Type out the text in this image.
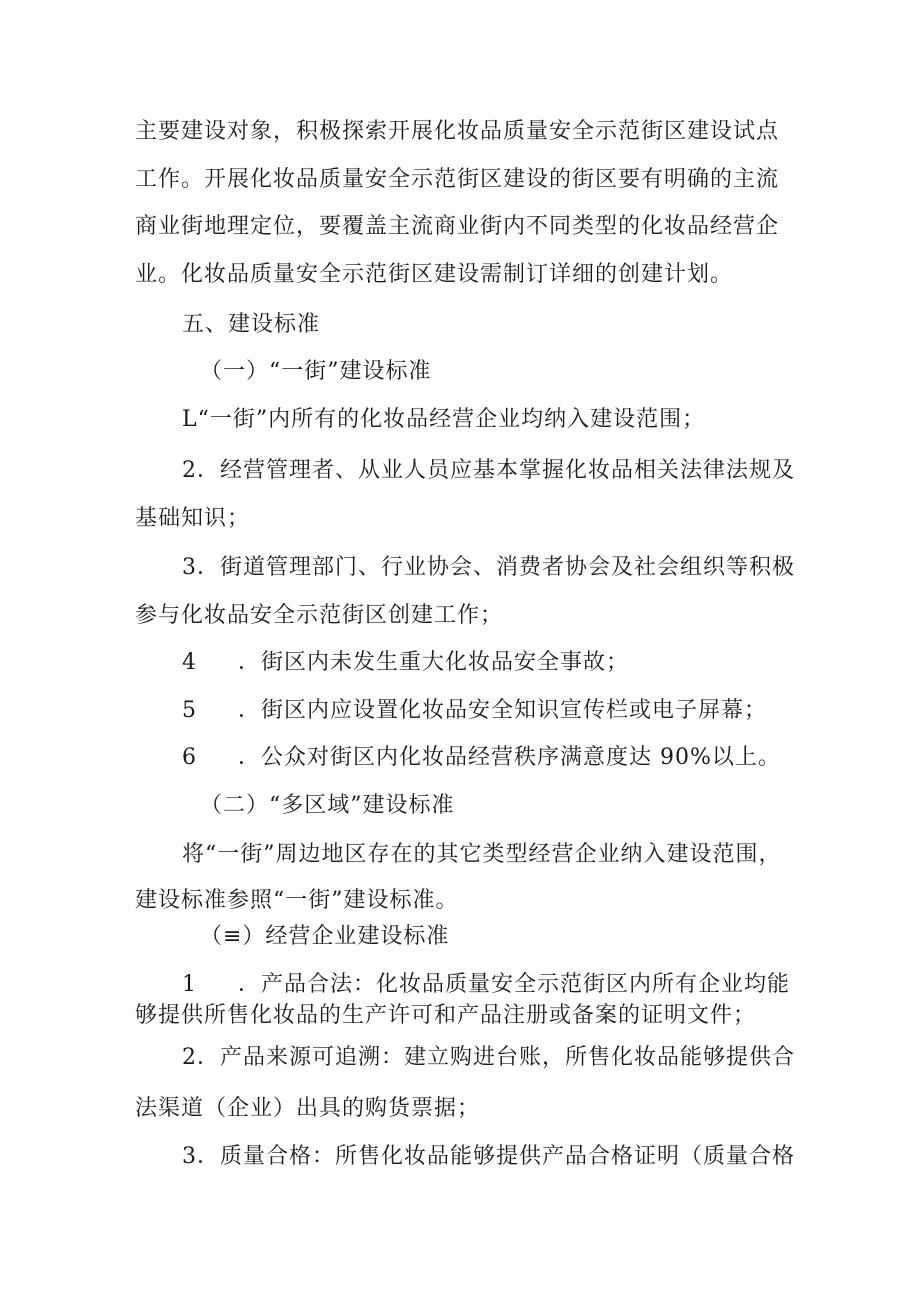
主要建设对象，积极探索开展化妆品质量安全示范街区建设试点
工作。开展化妆品质量安全示范街区建设的街区要有明确的主流
商业街地理定位，要覆盖主流商业街内不同类型的化妆品经营企
业。化妆品质量安全示范街区建设需制订详细的创建计划。
五、建设标准
（一）“一街”建设标准
L“一街”内所有的化妆品经营企业均纳入建设范围；
2．经营管理者、从业人员应基本掌握化妆品相关法律法规及
基础知识；
3．街道管理部门、行业协会、消费者协会及社会组织等积极
参与化妆品安全示范街区创建工作；
4 ．街区内未发生重大化妆品安全事故；
5 ．街区内应设置化妆品安全知识宣传栏或电子屏幕；
6 ．公众对街区内化妆品经营秩序满意度达 90%以上。
（二）“多区域”建设标准
将“一街”周边地区存在的其它类型经营企业纳入建设范围，
建设标准参照“一街”建设标准。
（≡）经营企业建设标准
1 ．产品合法：化妆品质量安全示范街区内所有企业均能
够提供所售化妆品的生产许可和产品注册或备案的证明文件；
2．产品来源可追溯：建立购进台账，所售化妆品能够提供合
法渠道（企业）出具的购货票据；
3．质量合格：所售化妆品能够提供产品合格证明（质量合格
